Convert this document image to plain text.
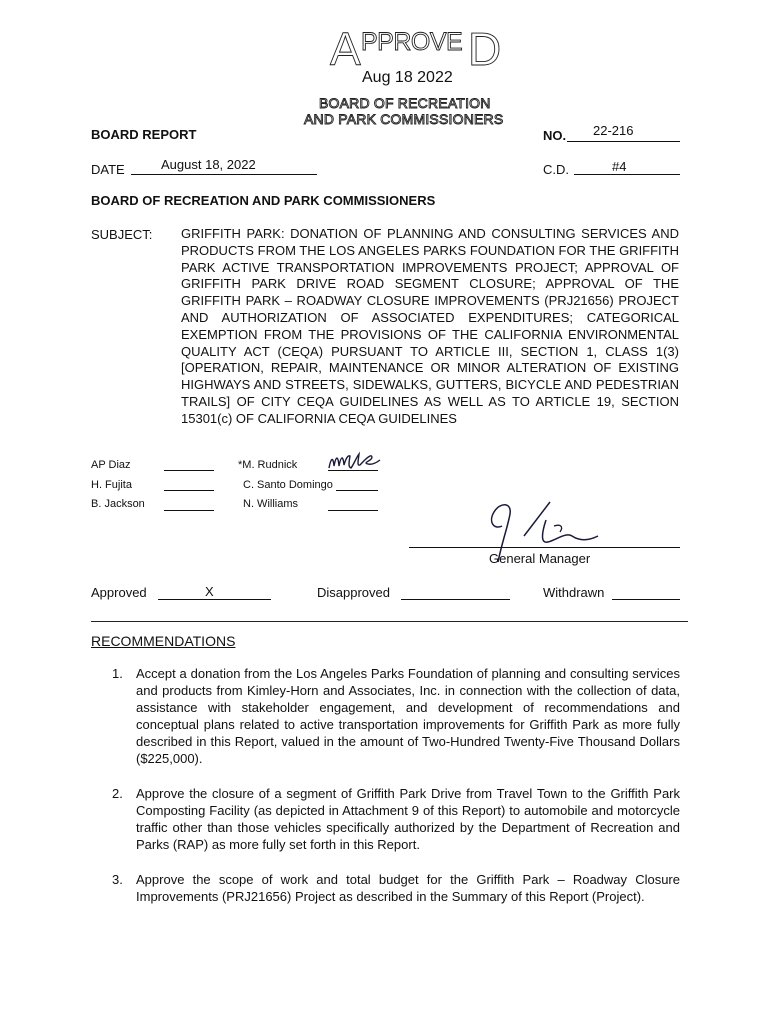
A PPROVE D
Aug 18 2022
BOARD OF RECREATION
AND PARK COMMISSIONERS
BOARD REPORT	NO. 22-216
DATE	August 18, 2022	C.D.	#4
BOARD OF RECREATION AND PARK COMMISSIONERS
SUBJECT: GRIFFITH PARK: DONATION OF PLANNING AND CONSULTING SERVICES AND PRODUCTS FROM THE LOS ANGELES PARKS FOUNDATION FOR THE GRIFFITH PARK ACTIVE TRANSPORTATION IMPROVEMENTS PROJECT; APPROVAL OF GRIFFITH PARK DRIVE ROAD SEGMENT CLOSURE; APPROVAL OF THE GRIFFITH PARK – ROADWAY CLOSURE IMPROVEMENTS (PRJ21656) PROJECT AND AUTHORIZATION OF ASSOCIATED EXPENDITURES; CATEGORICAL EXEMPTION FROM THE PROVISIONS OF THE CALIFORNIA ENVIRONMENTAL QUALITY ACT (CEQA) PURSUANT TO ARTICLE III, SECTION 1, CLASS 1(3) [OPERATION, REPAIR, MAINTENANCE OR MINOR ALTERATION OF EXISTING HIGHWAYS AND STREETS, SIDEWALKS, GUTTERS, BICYCLE AND PEDESTRIAN TRAILS] OF CITY CEQA GUIDELINES AS WELL AS TO ARTICLE 19, SECTION 15301(c) OF CALIFORNIA CEQA GUIDELINES
AP Diaz
H. Fujita
B. Jackson
*M. Rudnick
C. Santo Domingo
N. Williams
General Manager
Approved	X	Disapproved	Withdrawn
RECOMMENDATIONS
1.	Accept a donation from the Los Angeles Parks Foundation of planning and consulting services and products from Kimley-Horn and Associates, Inc. in connection with the collection of data, assistance with stakeholder engagement, and development of recommendations and conceptual plans related to active transportation improvements for Griffith Park as more fully described in this Report, valued in the amount of Two-Hundred Twenty-Five Thousand Dollars ($225,000).
2.	Approve the closure of a segment of Griffith Park Drive from Travel Town to the Griffith Park Composting Facility (as depicted in Attachment 9 of this Report) to automobile and motorcycle traffic other than those vehicles specifically authorized by the Department of Recreation and Parks (RAP) as more fully set forth in this Report.
3.	Approve the scope of work and total budget for the Griffith Park – Roadway Closure Improvements (PRJ21656) Project as described in the Summary of this Report (Project).
